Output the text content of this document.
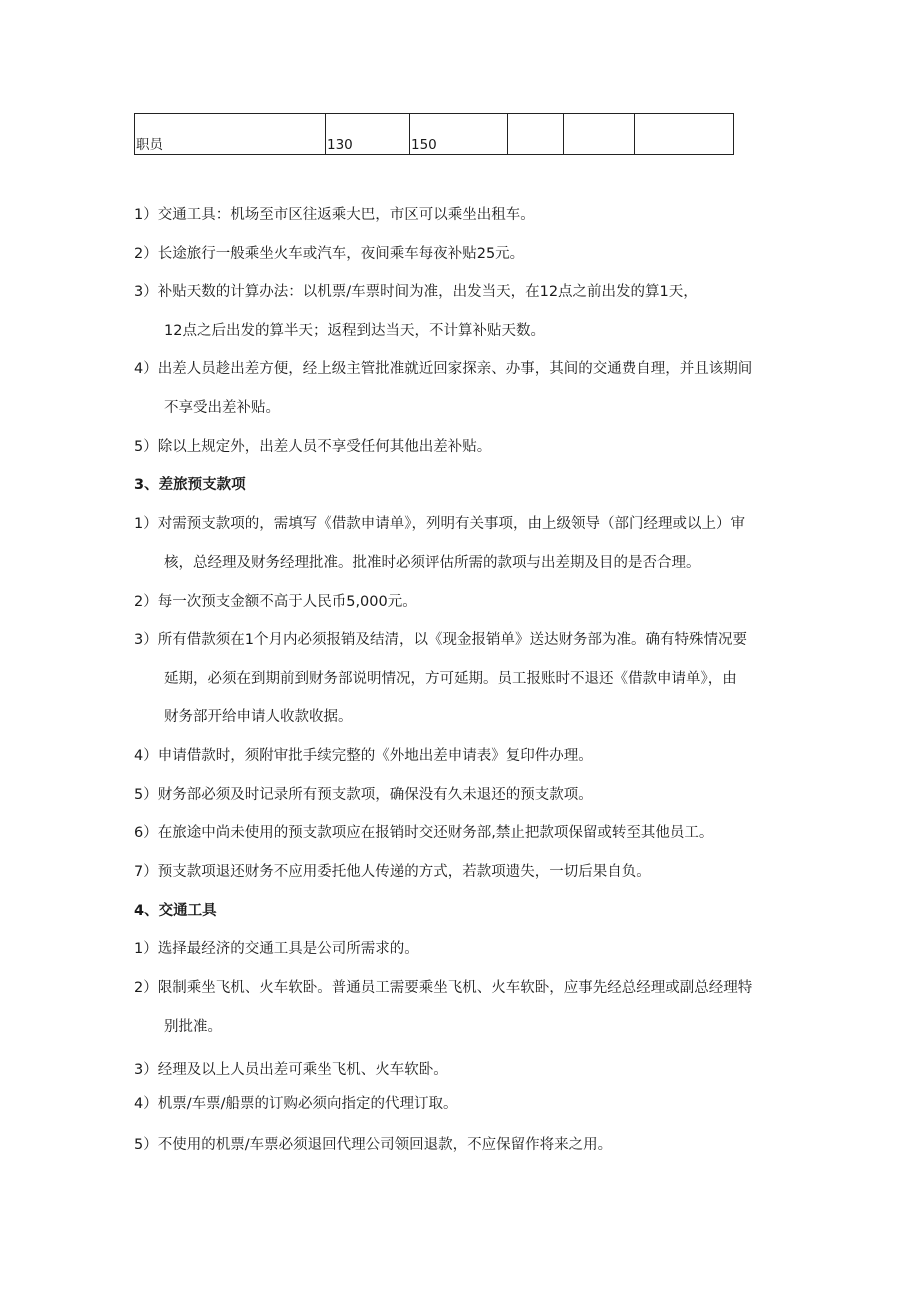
职员	130	150			
1）交通工具：机场至市区往返乘大巴，市区可以乘坐出租车。
2）长途旅行一般乘坐火车或汽车，夜间乘车每夜补贴25元。
3）补贴天数的计算办法：以机票/车票时间为准，出发当天，在12点之前出发的算1天，
12点之后出发的算半天；返程到达当天，不计算补贴天数。
4）出差人员趁出差方便，经上级主管批准就近回家探亲、办事，其间的交通费自理，并且该期间
不享受出差补贴。
5）除以上规定外，出差人员不享受任何其他出差补贴。
3、差旅预支款项
1）对需预支款项的，需填写《借款申请单》，列明有关事项，由上级领导（部门经理或以上）审
核，总经理及财务经理批准。批准时必须评估所需的款项与出差期及目的是否合理。
2）每一次预支金额不高于人民币5,000元。
3）所有借款须在1个月内必须报销及结清，以《现金报销单》送达财务部为准。确有特殊情况要
延期，必须在到期前到财务部说明情况，方可延期。员工报账时不退还《借款申请单》，由
财务部开给申请人收款收据。
4）申请借款时，须附审批手续完整的《外地出差申请表》复印件办理。
5）财务部必须及时记录所有预支款项，确保没有久未退还的预支款项。
6）在旅途中尚未使用的预支款项应在报销时交还财务部,禁止把款项保留或转至其他员工。
7）预支款项退还财务不应用委托他人传递的方式，若款项遗失，一切后果自负。
4、交通工具
1）选择最经济的交通工具是公司所需求的。
2）限制乘坐飞机、火车软卧。普通员工需要乘坐飞机、火车软卧，应事先经总经理或副总经理特
别批准。
3）经理及以上人员出差可乘坐飞机、火车软卧。
4）机票/车票/船票的订购必须向指定的代理订取。
5）不使用的机票/车票必须退回代理公司领回退款，不应保留作将来之用。
